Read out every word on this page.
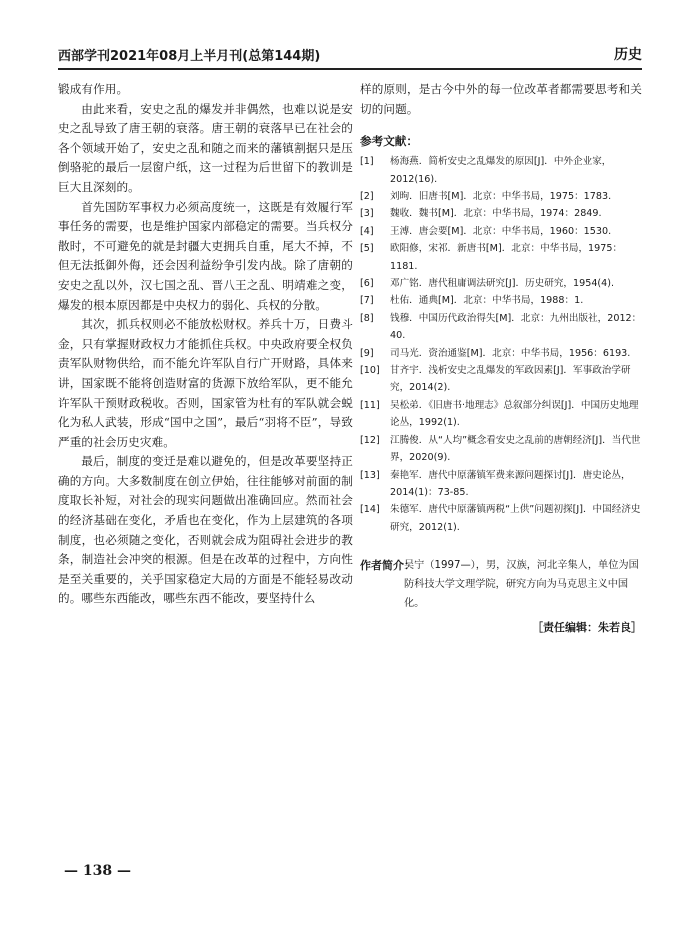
西部学刊2021年08月上半月刊(总第144期)	历史

锻成有作用。

由此来看，安史之乱的爆发并非偶然，也难以说是安史之乱导致了唐王朝的衰落。唐王朝的衰落早已在社会的各个领域开始了，安史之乱和随之而来的藩镇割据只是压倒骆驼的最后一层窗户纸，这一过程为后世留下的教训是巨大且深刻的。

首先国防军事权力必须高度统一，这既是有效履行军事任务的需要，也是维护国家内部稳定的需要。当兵权分散时，不可避免的就是封疆大吏拥兵自重，尾大不掉，不但无法抵御外侮，还会因利益纷争引发内战。除了唐朝的安史之乱以外，汉七国之乱、晋八王之乱、明靖难之变，爆发的根本原因都是中央权力的弱化、兵权的分散。

其次，抓兵权则必不能放松财权。养兵十万，日费斗金，只有掌握财政权力才能抓住兵权。中央政府要全权负责军队财物供给，而不能允许军队自行广开财路，具体来讲，国家既不能将创造财富的货源下放给军队，更不能允许军队干预财政税收。否则，国家管为杜有的军队就会蜕化为私人武装，形成“国中之国”，最后“羽将不臣”，导致严重的社会历史灾难。

最后，制度的变迁是难以避免的，但是改革要坚持正确的方向。大多数制度在创立伊始，往往能够对前面的制度取长补短，对社会的现实问题做出准确回应。然而社会的经济基础在变化，矛盾也在变化，作为上层建筑的各项制度，也必须随之变化，否则就会成为阻碍社会进步的教条，制造社会冲突的根源。但是在改革的过程中，方向性是至关重要的，关乎国家稳定大局的方面是不能轻易改动的。哪些东西能改，哪些东西不能改，要坚持什么

样的原则，是古今中外的每一位改革者都需要思考和关切的问题。

参考文献：
[1] 杨海燕．简析安史之乱爆发的原因[J]．中外企业家，2012(16).
[2] 刘昫．旧唐书[M]．北京：中华书局，1975：1783.
[3] 魏收．魏书[M]．北京：中华书局，1974：2849.
[4] 王溥．唐会要[M]．北京：中华书局，1960：1530.
[5] 欧阳修，宋祁．新唐书[M]．北京：中华书局，1975：1181.
[6] 邓广铭．唐代租庸调法研究[J]．历史研究，1954(4).
[7] 杜佑．通典[M]．北京：中华书局，1988：1.
[8] 钱穆．中国历代政治得失[M]．北京：九州出版社，2012：40.
[9] 司马光．资治通鉴[M]．北京：中华书局，1956：6193.
[10] 甘齐宇．浅析安史之乱爆发的军政因素[J]．军事政治学研究，2014(2).
[11] 吴松弟．《旧唐书·地理志》总叙部分纠误[J]．中国历史地理论丛，1992(1).
[12] 江腾俊．从“人均”概念看安史之乱前的唐朝经济[J]．当代世界，2020(9).
[13] 秦艳军．唐代中原藩镇军费来源问题探讨[J]．唐史论丛，2014(1)：73-85.
[14] 朱德军．唐代中原藩镇两税“上供”问题初探[J]．中国经济史研究，2012(1).
作者简介：
吴宁（1997—），男，汉族，河北辛集人，单位为国防科技大学文理学院，研究方向为马克思主义中国化。
［责任编辑：朱若良］
— 138 —
